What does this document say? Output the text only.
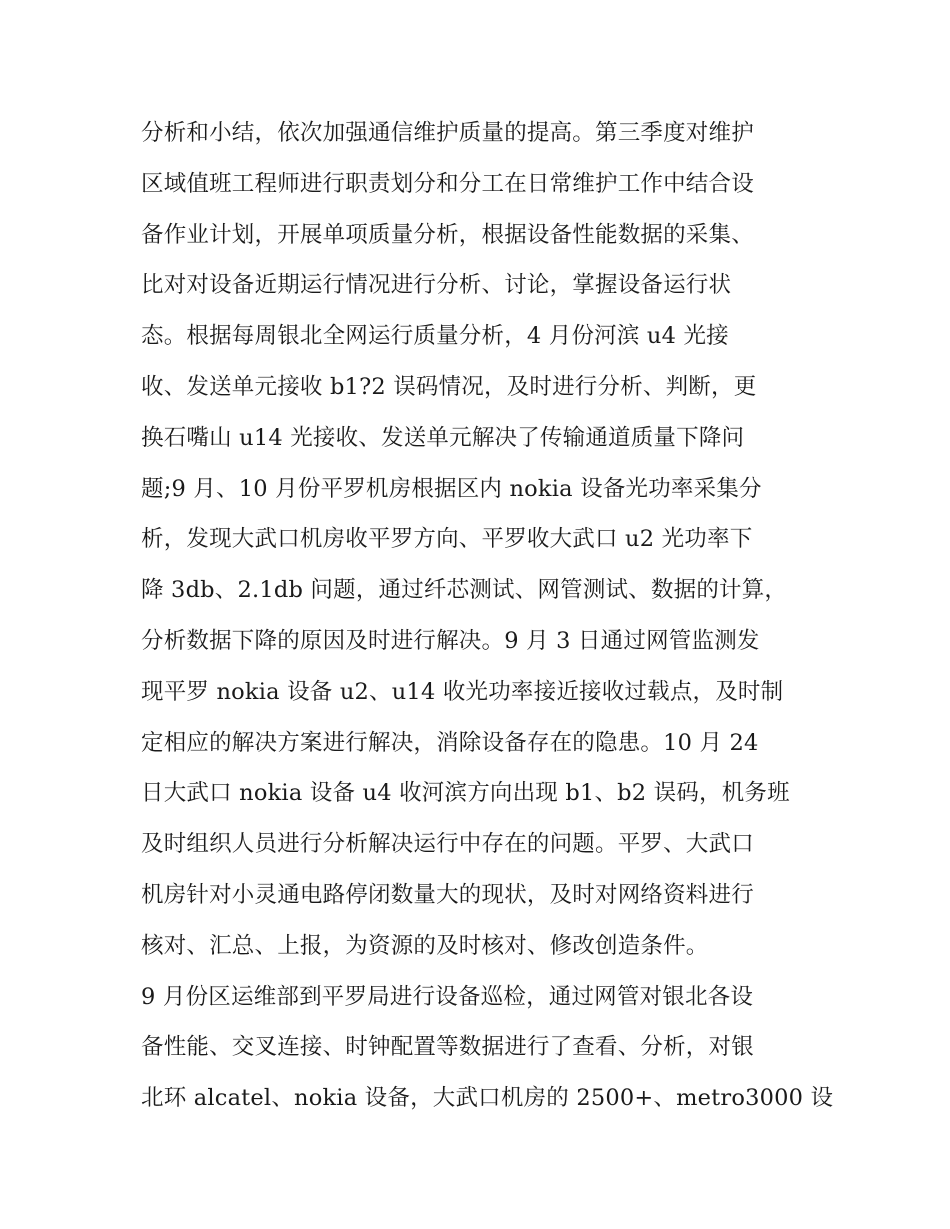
分析和小结，依次加强通信维护质量的提高。第三季度对维护
区域值班工程师进行职责划分和分工在日常维护工作中结合设
备作业计划，开展单项质量分析，根据设备性能数据的采集、
比对对设备近期运行情况进行分析、讨论，掌握设备运行状
态。根据每周银北全网运行质量分析，4 月份河滨 u4 光接
收、发送单元接收 b1?2 误码情况，及时进行分析、判断，更
换石嘴山 u14 光接收、发送单元解决了传输通道质量下降问
题;9 月、10 月份平罗机房根据区内 nokia 设备光功率采集分
析，发现大武口机房收平罗方向、平罗收大武口 u2 光功率下
降 3db、2.1db 问题，通过纤芯测试、网管测试、数据的计算，
分析数据下降的原因及时进行解决。9 月 3 日通过网管监测发
现平罗 nokia 设备 u2、u14 收光功率接近接收过载点，及时制
定相应的解决方案进行解决，消除设备存在的隐患。10 月 24
日大武口 nokia 设备 u4 收河滨方向出现 b1、b2 误码，机务班
及时组织人员进行分析解决运行中存在的问题。平罗、大武口
机房针对小灵通电路停闭数量大的现状，及时对网络资料进行
核对、汇总、上报，为资源的及时核对、修改创造条件。
9 月份区运维部到平罗局进行设备巡检，通过网管对银北各设
备性能、交叉连接、时钟配置等数据进行了查看、分析，对银
北环 alcatel、nokia 设备，大武口机房的 2500+、metro3000 设
